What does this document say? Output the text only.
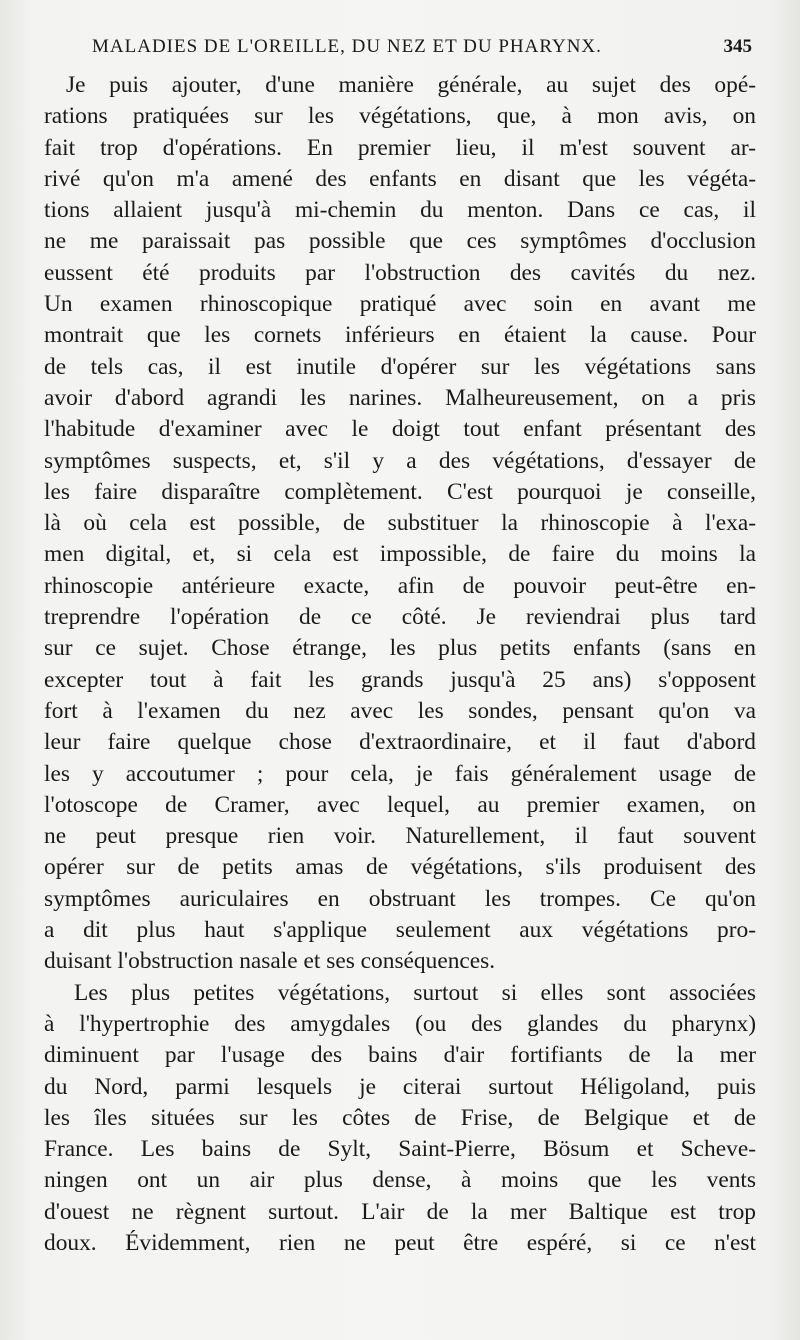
MALADIES DE L'OREILLE, DU NEZ ET DU PHARYNX.	345
Je puis ajouter, d'une manière générale, au sujet des opé-
rations pratiquées sur les végétations, que, à mon avis, on
fait trop d'opérations. En premier lieu, il m'est souvent ar-
rivé qu'on m'a amené des enfants en disant que les végéta-
tions allaient jusqu'à mi-chemin du menton. Dans ce cas, il
ne me paraissait pas possible que ces symptômes d'occlusion
eussent été produits par l'obstruction des cavités du nez.
Un examen rhinoscopique pratiqué avec soin en avant me
montrait que les cornets inférieurs en étaient la cause. Pour
de tels cas, il est inutile d'opérer sur les végétations sans
avoir d'abord agrandi les narines. Malheureusement, on a pris
l'habitude d'examiner avec le doigt tout enfant présentant des
symptômes suspects, et, s'il y a des végétations, d'essayer de
les faire disparaître complètement. C'est pourquoi je conseille,
là où cela est possible, de substituer la rhinoscopie à l'exa-
men digital, et, si cela est impossible, de faire du moins la
rhinoscopie antérieure exacte, afin de pouvoir peut-être en-
treprendre l'opération de ce côté. Je reviendrai plus tard
sur ce sujet. Chose étrange, les plus petits enfants (sans en
excepter tout à fait les grands jusqu'à 25 ans) s'opposent
fort à l'examen du nez avec les sondes, pensant qu'on va
leur faire quelque chose d'extraordinaire, et il faut d'abord
les y accoutumer ; pour cela, je fais généralement usage de
l'otoscope de Cramer, avec lequel, au premier examen, on
ne peut presque rien voir. Naturellement, il faut souvent
opérer sur de petits amas de végétations, s'ils produisent des
symptômes auriculaires en obstruant les trompes. Ce qu'on
a dit plus haut s'applique seulement aux végétations pro-
duisant l'obstruction nasale et ses conséquences.
Les plus petites végétations, surtout si elles sont associées
à l'hypertrophie des amygdales (ou des glandes du pharynx)
diminuent par l'usage des bains d'air fortifiants de la mer
du Nord, parmi lesquels je citerai surtout Héligoland, puis
les îles situées sur les côtes de Frise, de Belgique et de
France. Les bains de Sylt, Saint-Pierre, Bösum et Scheve-
ningen ont un air plus dense, à moins que les vents
d'ouest ne règnent surtout. L'air de la mer Baltique est trop
doux. Évidemment, rien ne peut être espéré, si ce n'est
